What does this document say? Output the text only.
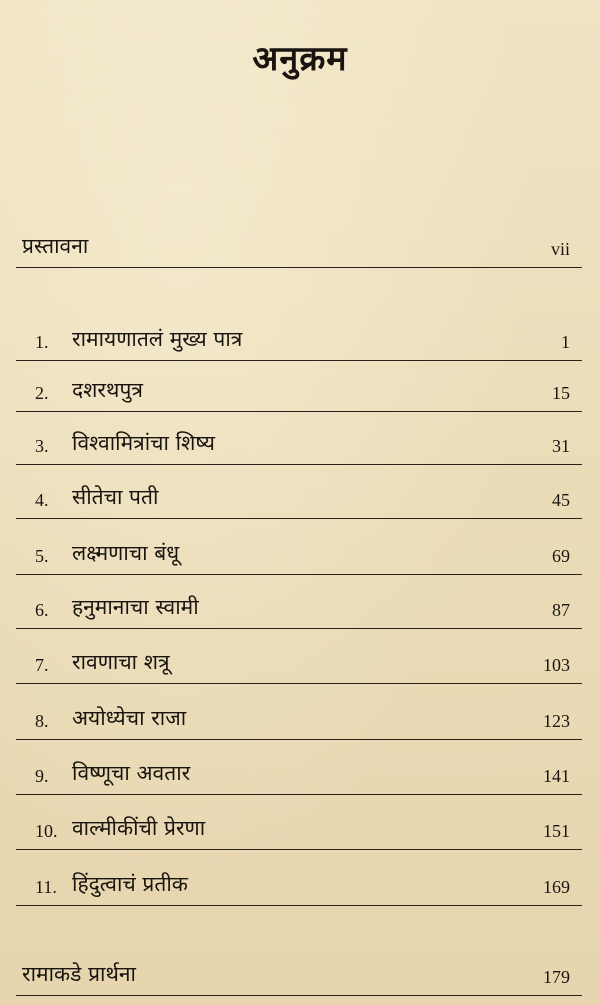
अनुक्रम
प्रस्तावना	vii
1. रामायणातलं मुख्य पात्र	1
2. दशरथपुत्र	15
3. विश्वामित्रांचा शिष्य	31
4. सीतेचा पती	45
5. लक्ष्मणाचा बंधू	69
6. हनुमानाचा स्वामी	87
7. रावणाचा शत्रू	103
8. अयोध्येचा राजा	123
9. विष्णूचा अवतार	141
10. वाल्मीकींची प्रेरणा	151
11. हिंदुत्वाचं प्रतीक	169
रामाकडे प्रार्थना	179
